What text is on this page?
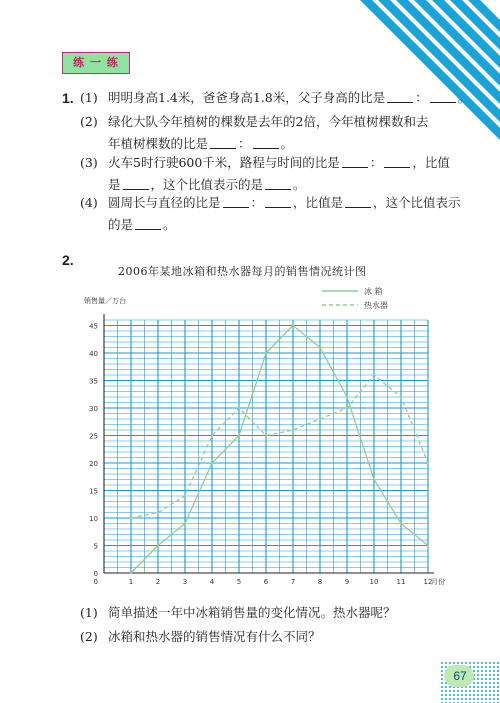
练 一 练
1. (1) 明明身高1.4米，爸爸身高1.8米，父子身高的比是 ： 。
(2) 绿化大队今年植树的棵数是去年的2倍，今年植树棵数和去
年植树棵数的比是 ： 。
(3) 火车5时行驶600千米，路程与时间的比是 ： ，比值
是 ，这个比值表示的是 。
(4) 圆周长与直径的比是 ： ，比值是 ，这个比值表示
的是 。
2.
2006年某地冰箱和热水器每月的销售情况统计图
0
5
10
15
20
25
30
35
40
45
0	1	2	3	4	5	6	7	8	9	10	11	12
销售量／万台
月份
冰 箱
热水器
(1) 简单描述一年中冰箱销售量的变化情况。热水器呢？
(2) 冰箱和热水器的销售情况有什么不同？
67
